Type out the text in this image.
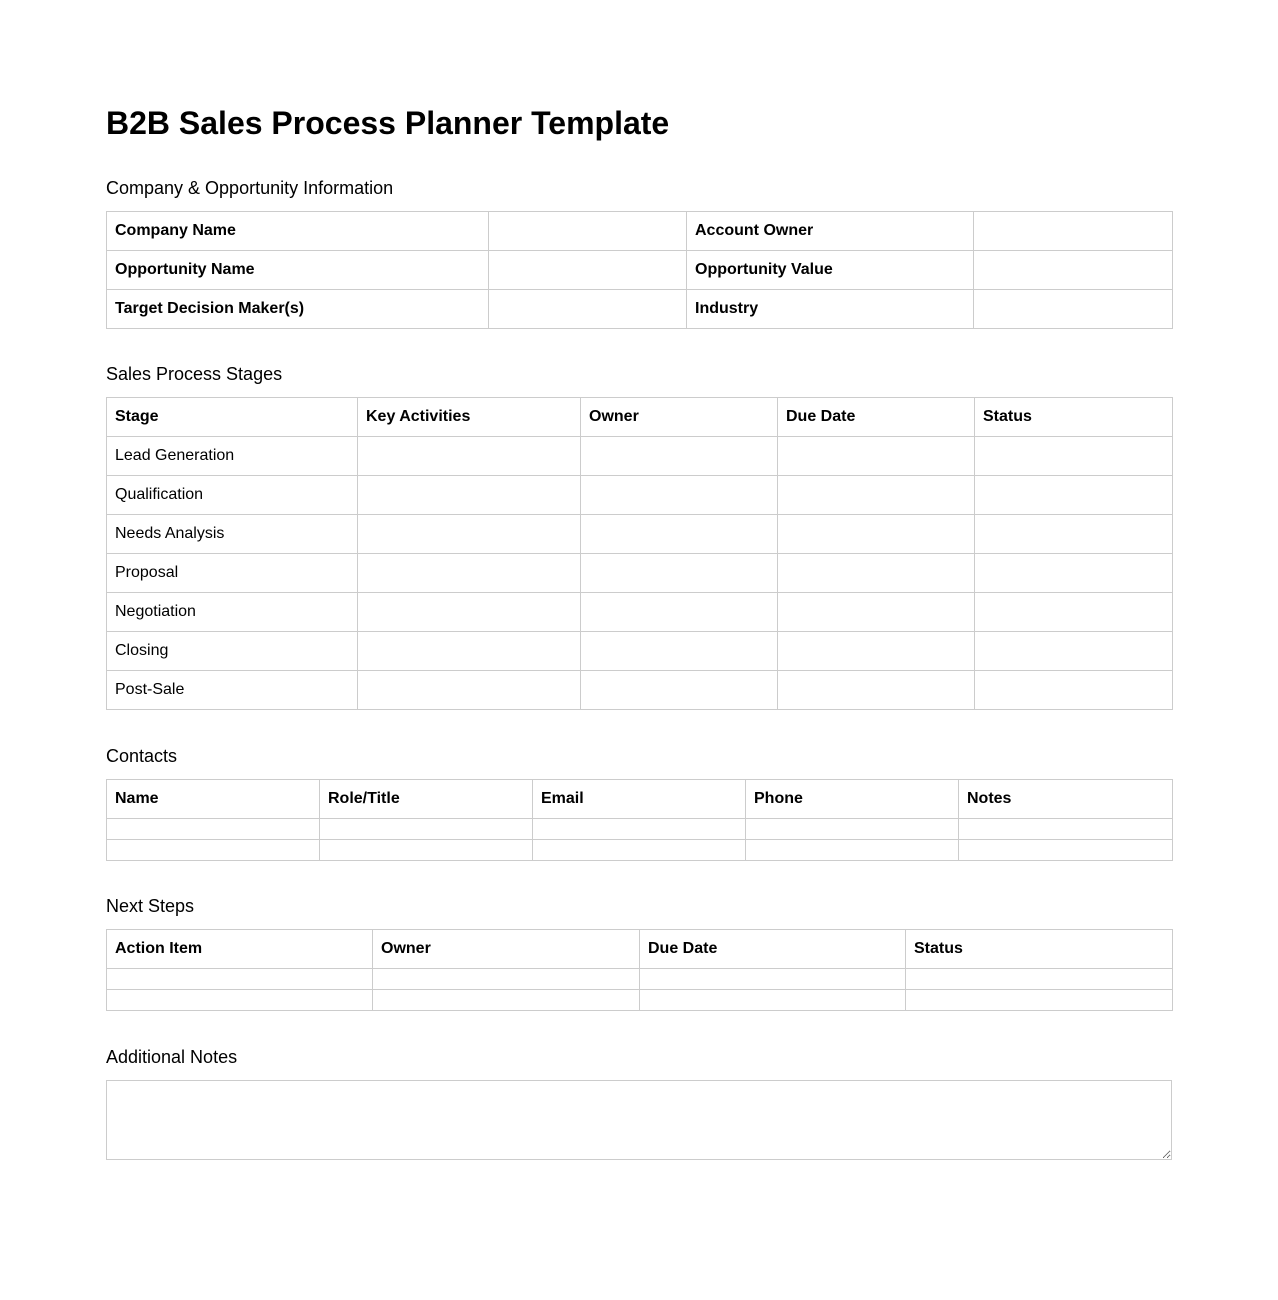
B2B Sales Process Planner Template
Company & Opportunity Information
Company Name		Account Owner	
Opportunity Name		Opportunity Value	
Target Decision Maker(s)		Industry	
Sales Process Stages
Stage	Key Activities	Owner	Due Date	Status
Lead Generation				
Qualification				
Needs Analysis				
Proposal				
Negotiation				
Closing				
Post-Sale				
Contacts
Name	Role/Title	Email	Phone	Notes

Next Steps
Action Item	Owner	Due Date	Status

Additional Notes
